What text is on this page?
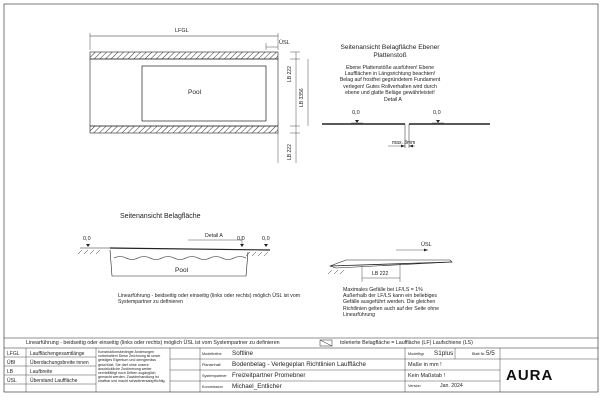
LFGL
ÜSL
Pool
LB 222
LB 3356
LB 222
Seitenansicht Belagfläche Ebener Plattenstoß
Ebene Plattenstöße ausführen! Ebene Laufflächen in Längsrichtung beachten! Belag auf frostfrei gegründetem Fundament verlegen! Gutes Rollverhalten wird durch ebene und glatte Beläge gewährleistet!
Detail A
0,0	0,0
max. 3mm
Seitenansicht Belagfläche
Detail A
0,0	0,0	0,0
Pool
Linearführung - beidseitig oder einseitig (links oder rechts) möglich ÜSL ist vom Systempartner zu definieren
ÜSL
LB 222
Maximales Gefälle bei LF/LS = 1% Außerhalb der LF/LS kann ein beliebiges Gefälle ausgeführt werden. Die gleichen Richtlinien gelten auch auf der Seite ohne Linearführung
Linearführung - beidseitig oder einseitig (links oder rechts) möglich ÜSL ist vom Systempartner zu definieren	tolerierte Belagfläche = Lauffläche (LF) Laufschiene (LS)
LFGL Laufflächengesamtlänge
ÜBI	Überdachungsbreite innen
LB	Laufbreite
ÜSL	Überstand Lauffläche
Konstruktionsbedingte Änderungen vorbehalten! Diese Zeichnung ist unser geistiges Eigentum und demgemäss geschützt. Sie darf ohne unsere ausdrückliche Zustimmung weder vervielfältigt noch Dritten zugänglich gemacht werden. Zuwiderhandlung ist strafbar und macht schadenersatzpflichtig.
Modellreihe Softline
Plansinhalt Bodenbelag - Verlegeplan Richtlinien Lauffläche
Systempartner Freizeitpartner Promebner
Kommission Michael_Entlicher
Modelltyp S1plus	Blatt Nr. 5/5
Maße in mm !
Kein Maßstab !
Version	Jan. 2024
AURA
